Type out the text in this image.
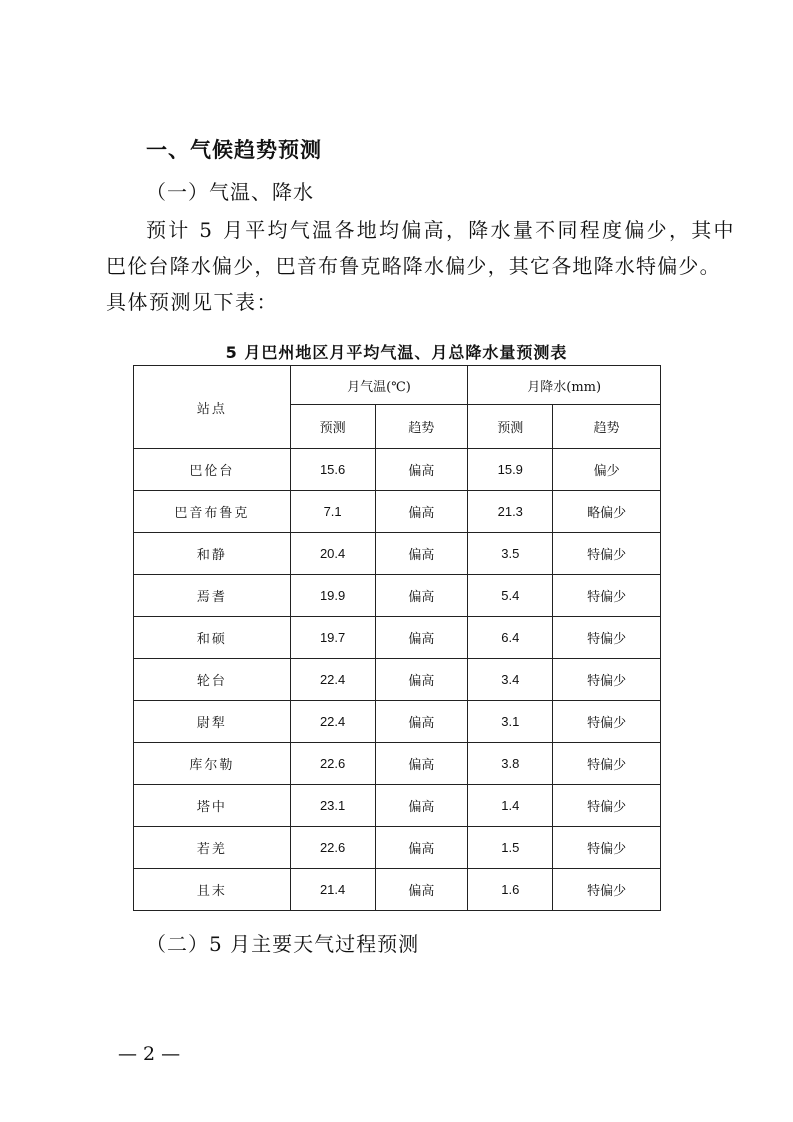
一、气候趋势预测
（一）气温、降水
预计 5 月平均气温各地均偏高，降水量不同程度偏少，其中
巴伦台降水偏少，巴音布鲁克略降水偏少，其它各地降水特偏少。
具体预测见下表：
5 月巴州地区月平均气温、月总降水量预测表
站点	月气温(℃)		月降水(mm)	
	预测	趋势	预测	趋势
巴伦台	15.6	偏高	15.9	偏少
巴音布鲁克	7.1	偏高	21.3	略偏少
和静	20.4	偏高	3.5	特偏少
焉耆	19.9	偏高	5.4	特偏少
和硕	19.7	偏高	6.4	特偏少
轮台	22.4	偏高	3.4	特偏少
尉犁	22.4	偏高	3.1	特偏少
库尔勒	22.6	偏高	3.8	特偏少
塔中	23.1	偏高	1.4	特偏少
若羌	22.6	偏高	1.5	特偏少
且末	21.4	偏高	1.6	特偏少
（二）5 月主要天气过程预测
— 2 —
